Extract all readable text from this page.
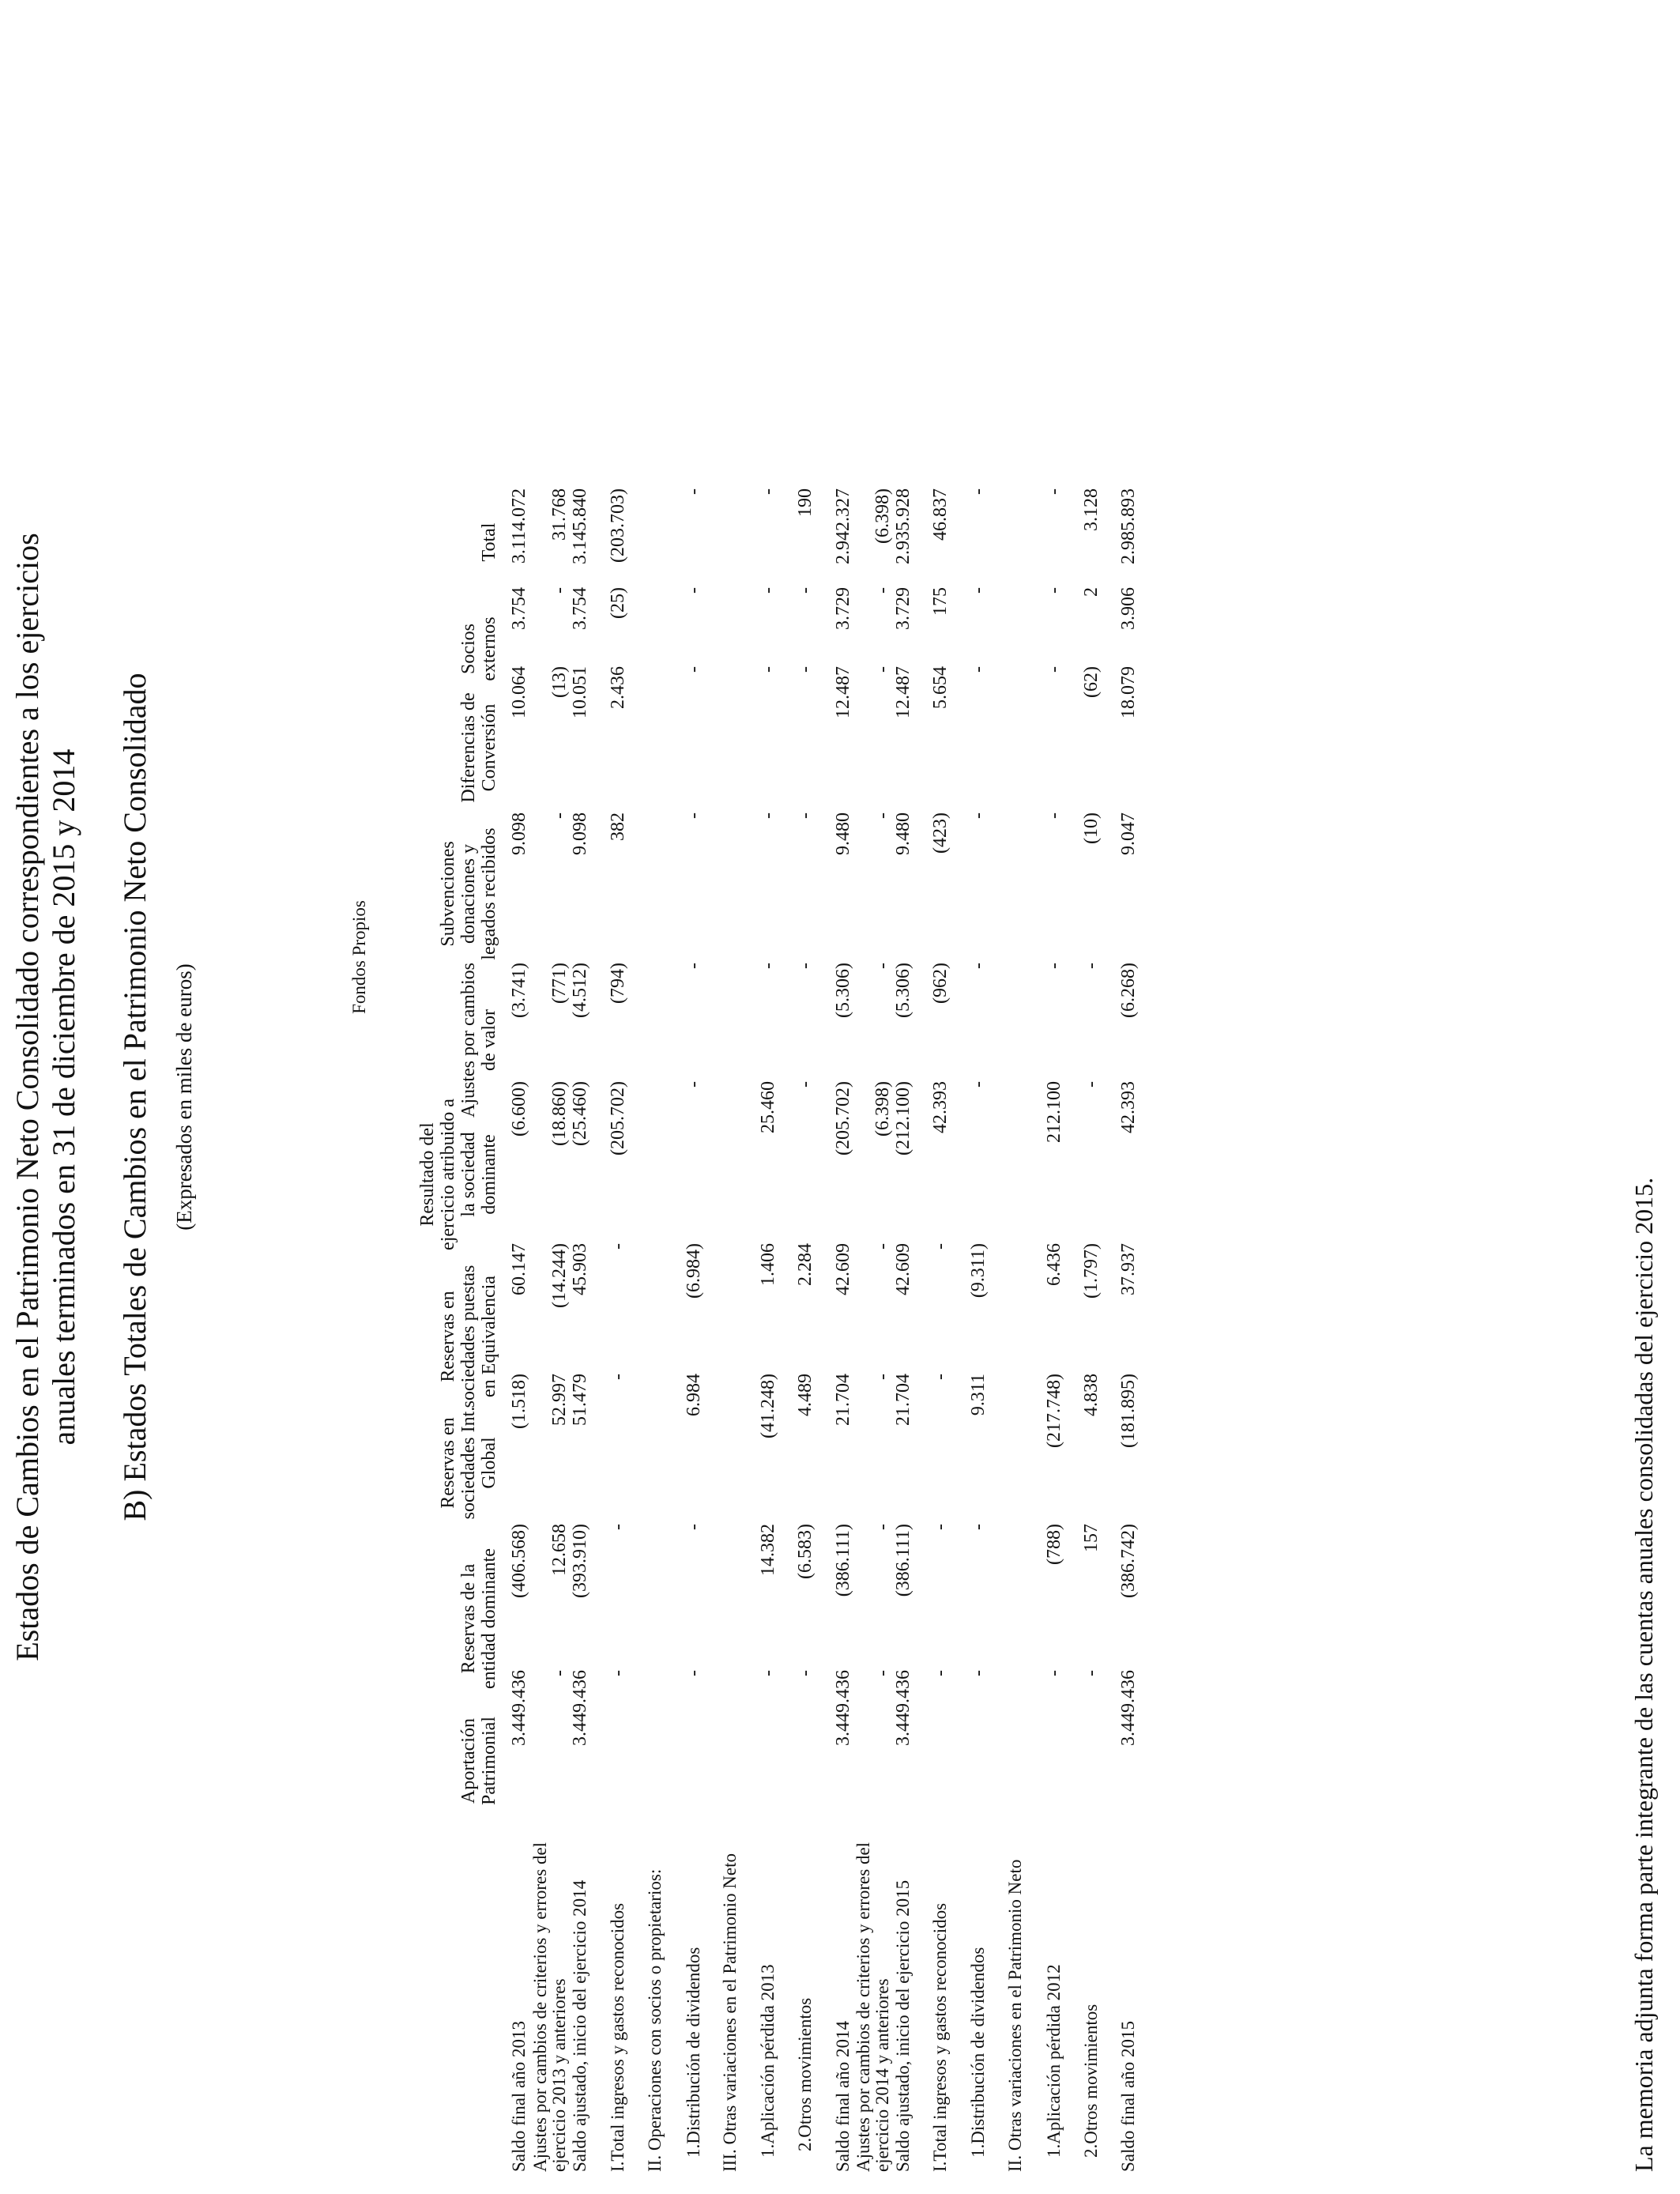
Estados de Cambios en el Patrimonio Neto Consolidado correspondientes a los ejercicios anuales terminados en 31 de diciembre de 2015 y 2014 B) Estados Totales de Cambios en el Patrimonio Neto Consolidado (Expresados en miles de euros)
Fondos Propios
Aportación Patrimonial
Reservas de la entidad dominante
Reservas en sociedades Int. Global
Reservas en sociedades puestas en Equivalencia
Resultado del ejercicio atribuido a la sociedad dominante
Ajustes por cambios de valor
Subvenciones donaciones y legados recibidos
Diferencias de Conversión
Socios externos
Total
Saldo final año 2013
3.449.436
(406.568)
(1.518)
60.147
(6.600)
(3.741)
9.098
10.064
3.754
3.114.072
Ajustes por cambios de criterios y errores del ejercicio 2013 y anteriores
-
12.658
52.997
(14.244)
(18.860)
(771)
-
(13)
-
31.768
Saldo ajustado, inicio del ejercicio 2014
3.449.436
(393.910)
51.479
45.903
(25.460)
(4.512)
9.098
10.051
3.754
3.145.840
I.Total ingresos y gastos reconocidos
-
-
-
-
(205.702)
(794)
382
2.436
(25)
(203.703)
II. Operaciones con socios o propietarios: 1.Distribución de dividendos
-
-
6.984
(6.984)
-
-
-
-
-
-
III. Otras variaciones en el Patrimonio Neto 1.Aplicación pérdida 2013
-
14.382
(41.248)
1.406
25.460
-
-
-
-
-
2.Otros movimientos
-
(6.583)
4.489
2.284
-
-
-
-
-
190
Saldo final año 2014
3.449.436
(386.111)
21.704
42.609
(205.702)
(5.306)
9.480
12.487
3.729
2.942.327
Ajustes por cambios de criterios y errores del ejercicio 2014 y anteriores
-
-
-
-
(6.398)
-
-
-
-
(6.398)
Saldo ajustado, inicio del ejercicio 2015
3.449.436
(386.111)
21.704
42.609
(212.100)
(5.306)
9.480
12.487
3.729
2.935.928
I.Total ingresos y gastos reconocidos
-
-
-
-
42.393
(962)
(423)
5.654
175
46.837
1.Distribución de dividendos
-
-
9.311
(9.311)
-
-
-
-
-
-
II. Otras variaciones en el Patrimonio Neto 1.Aplicación pérdida 2012
-
(788)
(217.748)
6.436
212.100
-
-
-
-
-
2.Otros movimientos
-
157
4.838
(1.797)
-
-
(10)
(62)
2
3.128
Saldo final año 2015
3.449.436
(386.742)
(181.895)
37.937
42.393
(6.268)
9.047
18.079
3.906
2.985.893
La memoria adjunta forma parte integrante de las cuentas anuales consolidadas del ejercicio 2015.
